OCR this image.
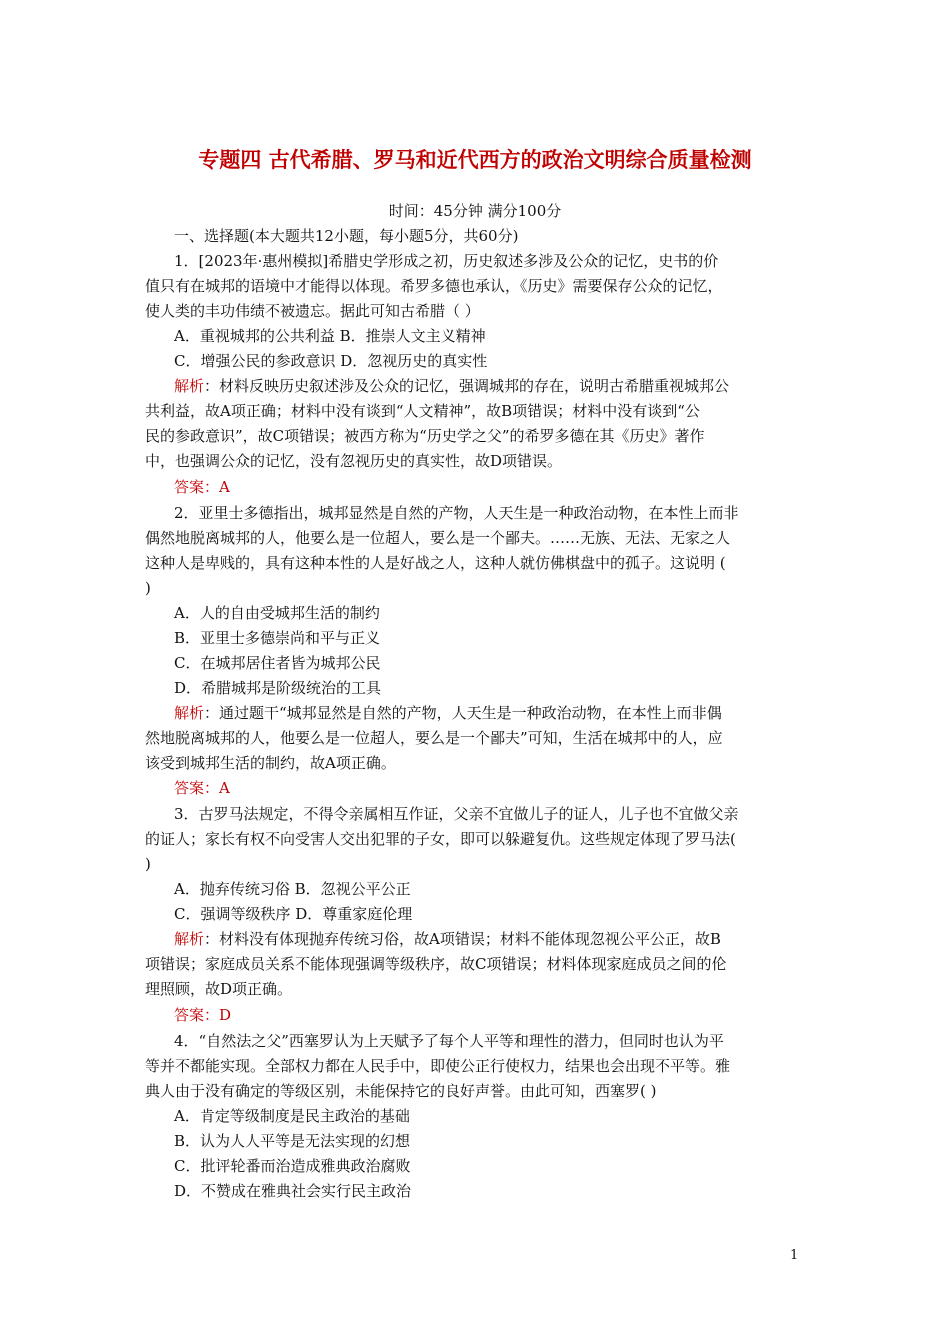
专题四 古代希腊、罗马和近代西方的政治文明综合质量检测
时间：45分钟 满分100分
一、选择题(本大题共12小题，每小题5分，共60分)
1．[2023年·惠州模拟]希腊史学形成之初，历史叙述多涉及公众的记忆，史书的价
值只有在城邦的语境中才能得以体现。希罗多德也承认，《历史》需要保存公众的记忆，
使人类的丰功伟绩不被遗忘。据此可知古希腊（ ）
A．重视城邦的公共利益 B．推崇人文主义精神
C．增强公民的参政意识 D．忽视历史的真实性
解析：材料反映历史叙述涉及公众的记忆，强调城邦的存在，说明古希腊重视城邦公
共利益，故A项正确；材料中没有谈到“人文精神”，故B项错误；材料中没有谈到“公
民的参政意识”，故C项错误；被西方称为“历史学之父”的希罗多德在其《历史》著作
中，也强调公众的记忆，没有忽视历史的真实性，故D项错误。
答案：A
2．亚里士多德指出，城邦显然是自然的产物，人天生是一种政治动物，在本性上而非
偶然地脱离城邦的人，他要么是一位超人，要么是一个鄙夫。……无族、无法、无家之人
这种人是卑贱的，具有这种本性的人是好战之人，这种人就仿佛棋盘中的孤子。这说明 (
)
A．人的自由受城邦生活的制约
B．亚里士多德崇尚和平与正义
C．在城邦居住者皆为城邦公民
D．希腊城邦是阶级统治的工具
解析：通过题干“城邦显然是自然的产物，人天生是一种政治动物，在本性上而非偶
然地脱离城邦的人，他要么是一位超人，要么是一个鄙夫”可知，生活在城邦中的人，应
该受到城邦生活的制约，故A项正确。
答案：A
3．古罗马法规定，不得令亲属相互作证，父亲不宜做儿子的证人，儿子也不宜做父亲
的证人；家长有权不向受害人交出犯罪的子女，即可以躲避复仇。这些规定体现了罗马法(
)
A．抛弃传统习俗 B．忽视公平公正
C．强调等级秩序 D．尊重家庭伦理
解析：材料没有体现抛弃传统习俗，故A项错误；材料不能体现忽视公平公正，故B
项错误；家庭成员关系不能体现强调等级秩序，故C项错误；材料体现家庭成员之间的伦
理照顾，故D项正确。
答案：D
4．“自然法之父”西塞罗认为上天赋予了每个人平等和理性的潜力，但同时也认为平
等并不都能实现。全部权力都在人民手中，即使公正行使权力，结果也会出现不平等。雅
典人由于没有确定的等级区别，未能保持它的良好声誉。由此可知，西塞罗( )
A．肯定等级制度是民主政治的基础
B．认为人人平等是无法实现的幻想
C．批评轮番而治造成雅典政治腐败
D．不赞成在雅典社会实行民主政治
1
